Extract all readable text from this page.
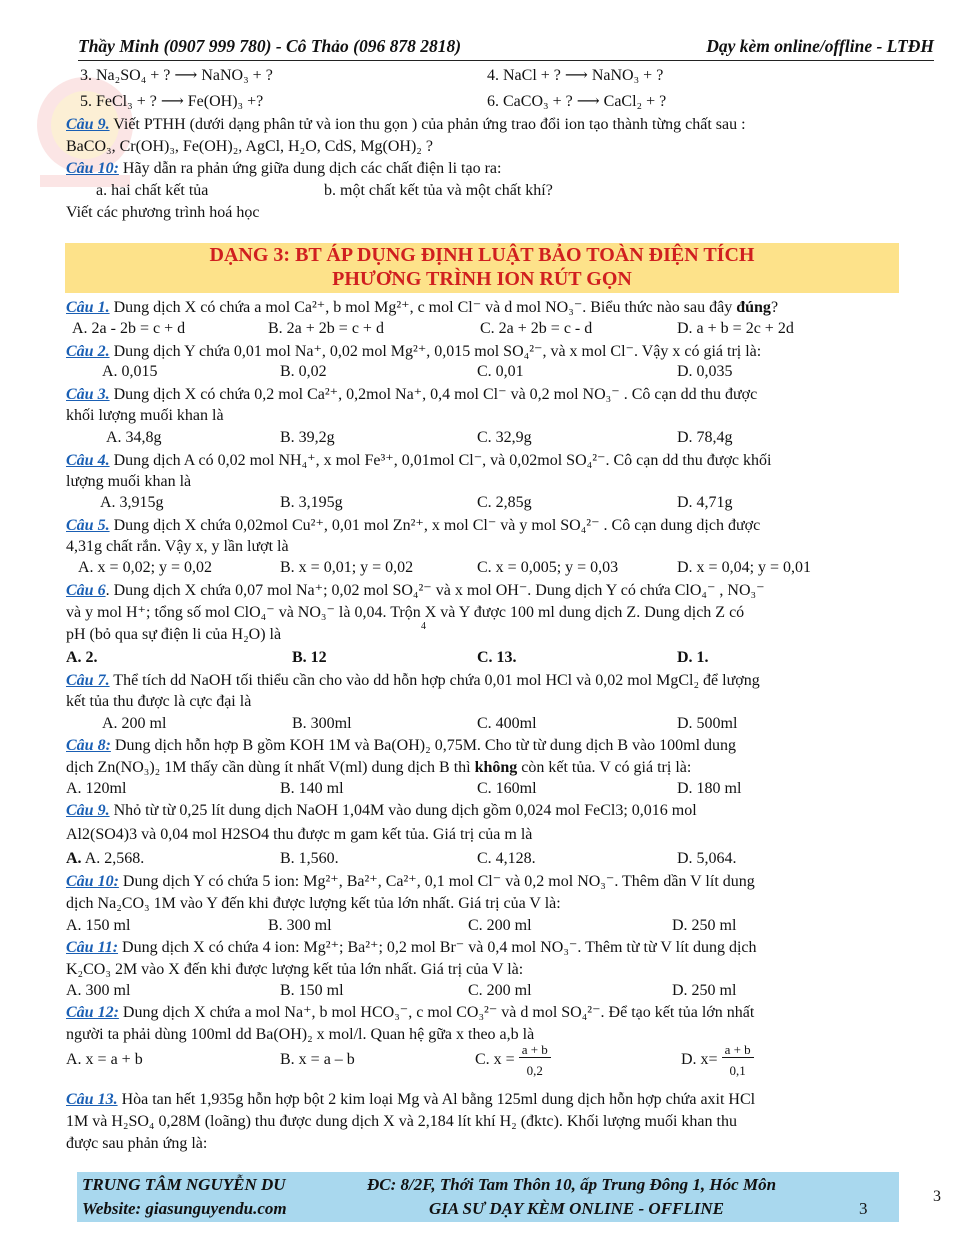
Thầy Minh (0907 999 780) - Cô Thảo (096 878 2818)	Dạy kèm online/offline - LTĐH
3. Na₂SO₄ + ? ⟶ NaNO₃ + ?	4. NaCl + ? ⟶ NaNO₃ + ?
5. FeCl₃ + ? ⟶ Fe(OH)₃ +?	6. CaCO₃ + ? ⟶ CaCl₂ + ?
Câu 9. Viết PTHH (dưới dạng phân tử và ion thu gọn ) của phản ứng trao đổi ion tạo thành từng chất sau :
BaCO₃, Cr(OH)₃, Fe(OH)₂, AgCl, H₂O, CdS, Mg(OH)₂ ?
Câu 10: Hãy dẫn ra phản ứng giữa dung dịch các chất điện li tạo ra:
a. hai chất kết tủa	b. một chất kết tủa và một chất khí?
Viết các phương trình hoá học
DẠNG 3: BT ÁP DỤNG ĐỊNH LUẬT BẢO TOÀN ĐIỆN TÍCH
PHƯƠNG TRÌNH ION RÚT GỌN
Câu 1. Dung dịch X có chứa a mol Ca²⁺, b mol Mg²⁺, c mol Cl⁻ và d mol NO₃⁻. Biểu thức nào sau đây đúng?
A. 2a - 2b = c + d	B. 2a + 2b = c + d	C. 2a + 2b = c - d	D. a + b = 2c + 2d
Câu 2. Dung dịch Y chứa 0,01 mol Na⁺, 0,02 mol Mg²⁺, 0,015 mol SO₄²⁻, và x mol Cl⁻. Vậy x có giá trị là:
A. 0,015	B. 0,02	C. 0,01	D. 0,035
Câu 3. Dung dịch X có chứa 0,2 mol Ca²⁺, 0,2mol Na⁺, 0,4 mol Cl⁻ và 0,2 mol NO₃⁻ . Cô cạn dd thu được
khối lượng muối khan là
A. 34,8g	B. 39,2g	C. 32,9g	D. 78,4g
Câu 4. Dung dịch A có 0,02 mol NH₄⁺, x mol Fe³⁺, 0,01mol Cl⁻, và 0,02mol SO₄²⁻. Cô cạn dd thu được khối
lượng muối khan là
A. 3,915g	B. 3,195g	C. 2,85g	D. 4,71g
Câu 5. Dung dịch X chứa 0,02mol Cu²⁺, 0,01 mol Zn²⁺, x mol Cl⁻ và y mol SO₄²⁻ . Cô cạn dung dịch được
4,31g chất rắn. Vậy x, y lần lượt là
A. x = 0,02; y = 0,02	B. x = 0,01; y = 0,02	C. x = 0,005; y = 0,03	D. x = 0,04; y = 0,01
Câu 6. Dung dịch X chứa 0,07 mol Na⁺; 0,02 mol SO₄²⁻ và x mol OH⁻. Dung dịch Y có chứa ClO₄⁻ , NO₃⁻
và y mol H⁺; tổng số mol ClO₄⁻ và NO₃⁻ là 0,04. Trộn X và Y được 100 ml dung dịch Z. Dung dịch Z có
pH (bỏ qua sự điện li của H₂O) là	4
A. 2.	B. 12	C. 13.	D. 1.
Câu 7. Thể tích dd NaOH tối thiểu cần cho vào dd hỗn hợp chứa 0,01 mol HCl và 0,02 mol MgCl₂ để lượng
kết tủa thu được là cực đại là
A. 200 ml	B. 300ml	C. 400ml	D. 500ml
Câu 8: Dung dịch hỗn hợp B gồm KOH 1M và Ba(OH)₂ 0,75M. Cho từ từ dung dịch B vào 100ml dung
dịch Zn(NO₃)₂ 1M thấy cần dùng ít nhất V(ml) dung dịch B thì không còn kết tủa. V có giá trị là:
A. 120ml	B. 140 ml	C. 160ml	D. 180 ml
Câu 9. Nhỏ từ từ 0,25 lít dung dịch NaOH 1,04M vào dung dịch gồm 0,024 mol FeCl3; 0,016 mol
Al2(SO4)3 và 0,04 mol H2SO4 thu được m gam kết tủa. Giá trị của m là
A. A. 2,568.	B. 1,560.	C. 4,128.	D. 5,064.
Câu 10: Dung dịch Y có chứa 5 ion: Mg²⁺, Ba²⁺, Ca²⁺, 0,1 mol Cl⁻ và 0,2 mol NO₃⁻. Thêm dần V lít dung
dịch Na₂CO₃ 1M vào Y đến khi được lượng kết tủa lớn nhất. Giá trị của V là:
A. 150 ml	B. 300 ml	C. 200 ml	D. 250 ml
Câu 11: Dung dịch X có chứa 4 ion: Mg²⁺; Ba²⁺; 0,2 mol Br⁻ và 0,4 mol NO₃⁻. Thêm từ từ V lít dung dịch
K₂CO₃ 2M vào X đến khi được lượng kết tủa lớn nhất. Giá trị của V là:
A. 300 ml	B. 150 ml	C. 200 ml	D. 250 ml
Câu 12: Dung dịch X chứa a mol Na⁺, b mol HCO₃⁻, c mol CO₃²⁻ và d mol SO₄²⁻. Để tạo kết tủa lớn nhất
người ta phải dùng 100ml dd Ba(OH)₂ x mol/l. Quan hệ gữa x theo a,b là
A. x = a + b	B. x = a – b	C. $x = \frac{a + b}{0,2}$	D. $x= \frac{a + b}{0,1}$
Câu 13. Hòa tan hết 1,935g hỗn hợp bột 2 kim loại Mg và Al bằng 125ml dung dịch hỗn hợp chứa axit HCl
1M và H₂SO₄ 0,28M (loãng) thu được dung dịch X và 2,184 lít khí H₂ (đktc). Khối lượng muối khan thu
được sau phản ứng là:
TRUNG TÂM NGUYỄN DU	ĐC: 8/2F, Thới Tam Thôn 10, ấp Trung Đông 1, Hóc Môn
Website: giasunguyendu.com	GIA SƯ DẠY KÈM ONLINE - OFFLINE	3
3
